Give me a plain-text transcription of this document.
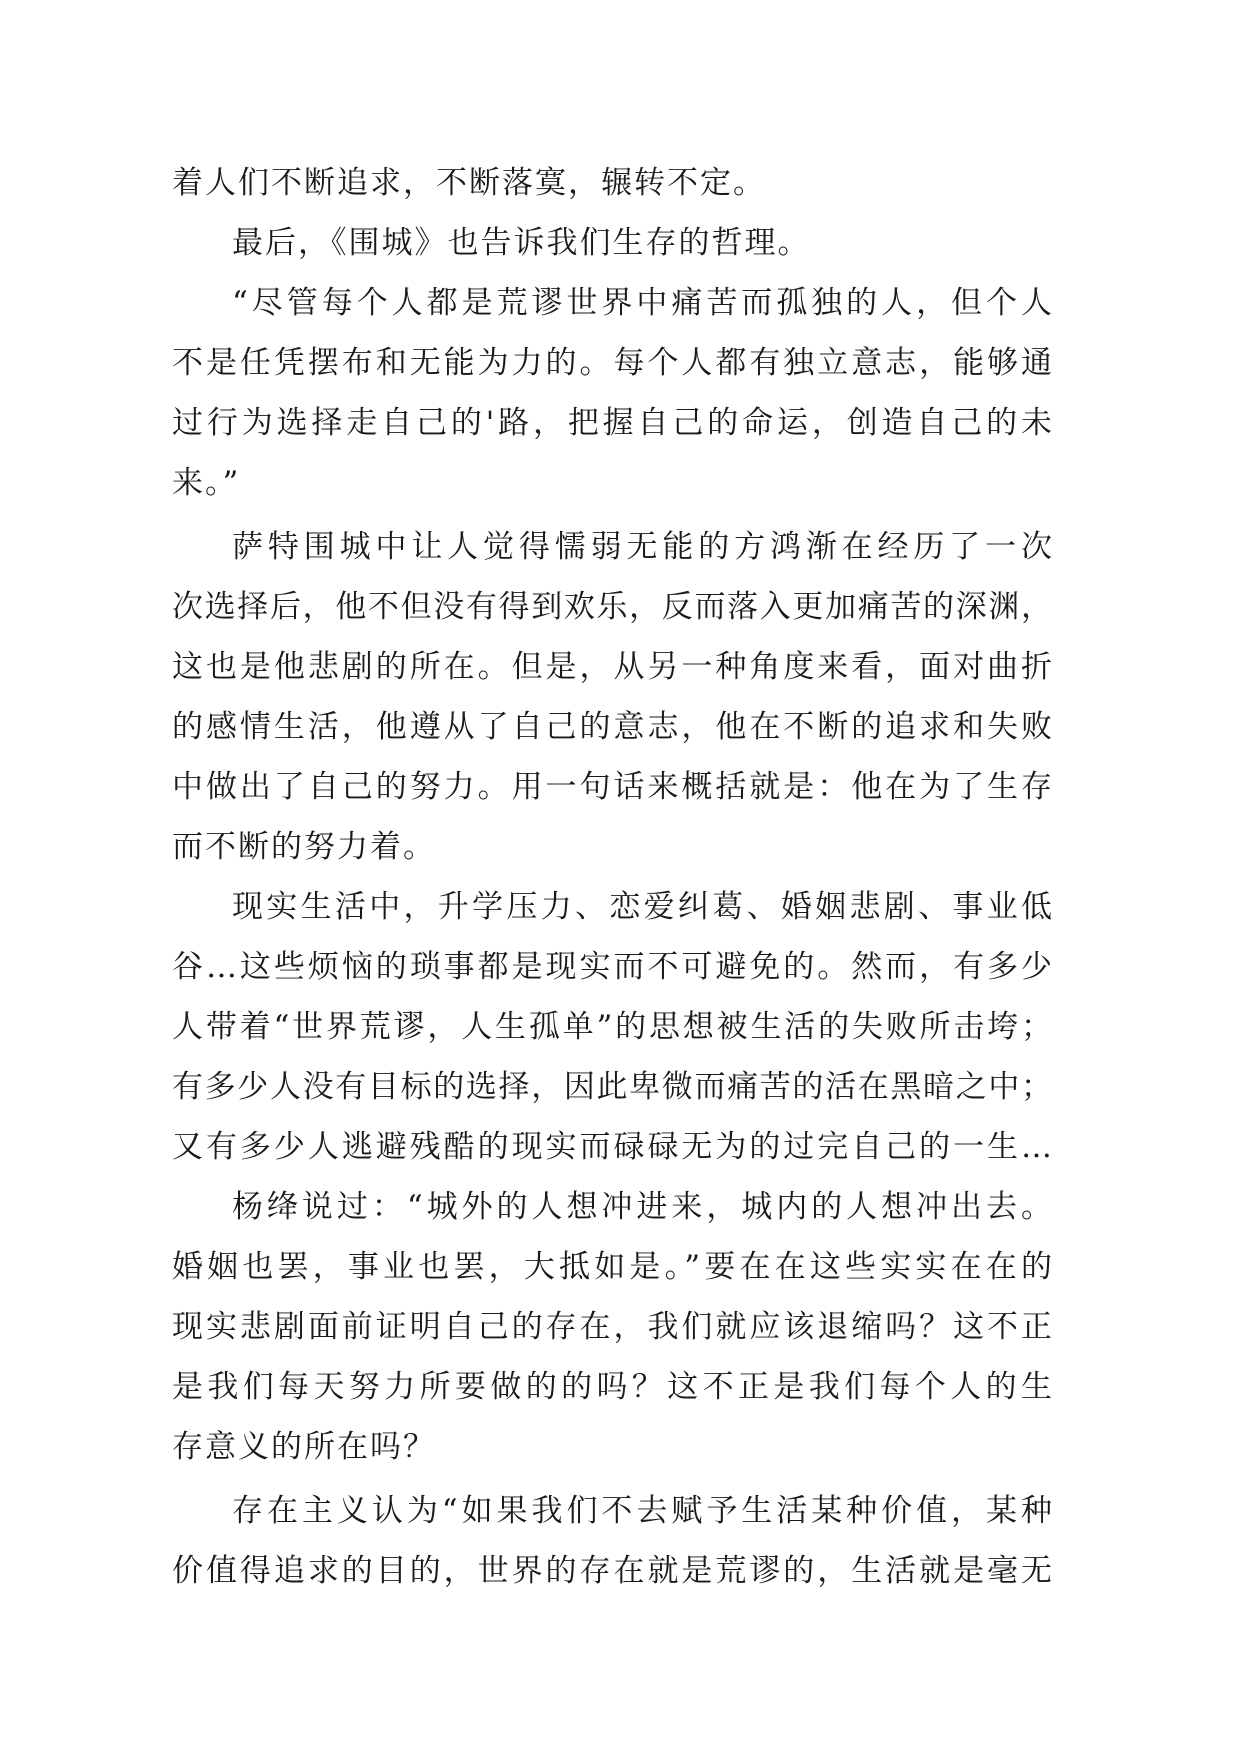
着人们不断追求，不断落寞，辗转不定。
最后，《围城》也告诉我们生存的哲理。
“尽管每个人都是荒谬世界中痛苦而孤独的人，但个人
不是任凭摆布和无能为力的。每个人都有独立意志，能够通
过行为选择走自己的'路，把握自己的命运，创造自己的未
来。”
萨特围城中让人觉得懦弱无能的方鸿渐在经历了一次
次选择后，他不但没有得到欢乐，反而落入更加痛苦的深渊，
这也是他悲剧的所在。但是，从另一种角度来看，面对曲折
的感情生活，他遵从了自己的意志，他在不断的追求和失败
中做出了自己的努力。用一句话来概括就是：他在为了生存
而不断的努力着。
现实生活中，升学压力、恋爱纠葛、婚姻悲剧、事业低
谷…这些烦恼的琐事都是现实而不可避免的。然而，有多少
人带着“世界荒谬，人生孤单”的思想被生活的失败所击垮；
有多少人没有目标的选择，因此卑微而痛苦的活在黑暗之中；
又有多少人逃避残酷的现实而碌碌无为的过完自己的一生…
杨绛说过：“城外的人想冲进来，城内的人想冲出去。
婚姻也罢，事业也罢，大抵如是。”要在在这些实实在在的
现实悲剧面前证明自己的存在，我们就应该退缩吗？这不正
是我们每天努力所要做的的吗？这不正是我们每个人的生
存意义的所在吗？
存在主义认为“如果我们不去赋予生活某种价值，某种
价值得追求的目的，世界的存在就是荒谬的，生活就是毫无
